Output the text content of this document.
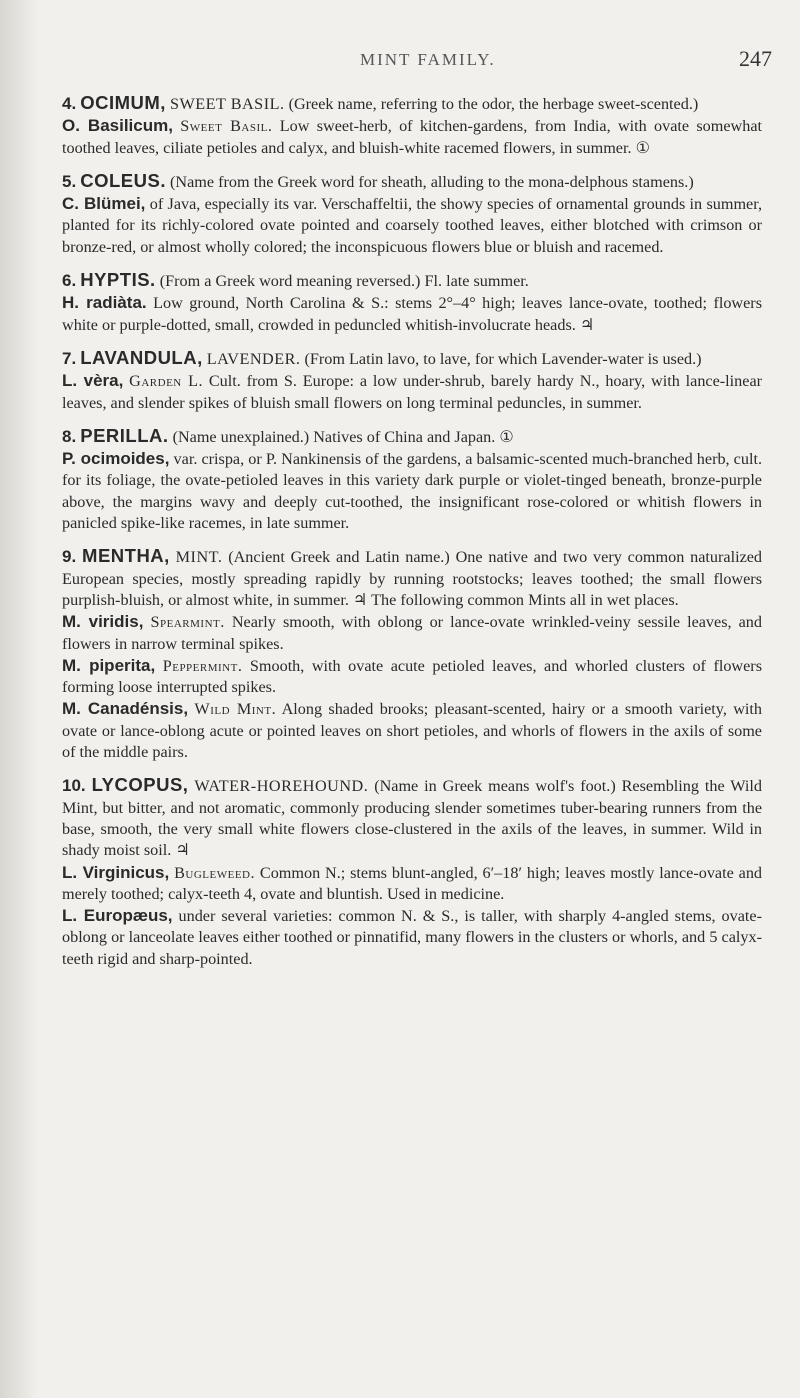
MINT FAMILY.	247

4. OCIMUM, SWEET BASIL. (Greek name, referring to the odor, the herbage sweet-scented.)

O. Basilicum, Sweet Basil. Low sweet-herb, of kitchen-gardens, from India, with ovate somewhat toothed leaves, ciliate petioles and calyx, and bluish-white racemed flowers, in summer. ①

5. COLEUS. (Name from the Greek word for sheath, alluding to the mona-delphous stamens.)

C. Blümei, of Java, especially its var. Verschaffeltii, the showy species of ornamental grounds in summer, planted for its richly-colored ovate pointed and coarsely toothed leaves, either blotched with crimson or bronze-red, or almost wholly colored; the inconspicuous flowers blue or bluish and racemed.

6. HYPTIS. (From a Greek word meaning reversed.) Fl. late summer.

H. radiàta. Low ground, North Carolina & S.: stems 2°–4° high; leaves lance-ovate, toothed; flowers white or purple-dotted, small, crowded in peduncled whitish-involucrate heads. ♃

7. LAVANDULA, LAVENDER. (From Latin lavo, to lave, for which Lavender-water is used.)

L. vèra, Garden L. Cult. from S. Europe: a low under-shrub, barely hardy N., hoary, with lance-linear leaves, and slender spikes of bluish small flowers on long terminal peduncles, in summer.

8. PERILLA. (Name unexplained.) Natives of China and Japan. ①

P. ocimoides, var. crispa, or P. Nankinensis of the gardens, a balsamic-scented much-branched herb, cult. for its foliage, the ovate-petioled leaves in this variety dark purple or violet-tinged beneath, bronze-purple above, the margins wavy and deeply cut-toothed, the insignificant rose-colored or whitish flowers in panicled spike-like racemes, in late summer.

9. MENTHA, MINT. (Ancient Greek and Latin name.) One native and two very common naturalized European species, mostly spreading rapidly by running rootstocks; leaves toothed; the small flowers purplish-bluish, or almost white, in summer. ♃ The following common Mints all in wet places.

M. viridis, Spearmint. Nearly smooth, with oblong or lance-ovate wrinkled-veiny sessile leaves, and flowers in narrow terminal spikes.

M. piperita, Peppermint. Smooth, with ovate acute petioled leaves, and whorled clusters of flowers forming loose interrupted spikes.

M. Canadénsis, Wild Mint. Along shaded brooks; pleasant-scented, hairy or a smooth variety, with ovate or lance-oblong acute or pointed leaves on short petioles, and whorls of flowers in the axils of some of the middle pairs.

10. LYCOPUS, WATER-HOREHOUND. (Name in Greek means wolf's foot.) Resembling the Wild Mint, but bitter, and not aromatic, commonly producing slender sometimes tuber-bearing runners from the base, smooth, the very small white flowers close-clustered in the axils of the leaves, in summer. Wild in shady moist soil. ♃

L. Virginicus, Bugleweed. Common N.; stems blunt-angled, 6′–18′ high; leaves mostly lance-ovate and merely toothed; calyx-teeth 4, ovate and bluntish. Used in medicine.

L. Europæus, under several varieties: common N. & S., is taller, with sharply 4-angled stems, ovate-oblong or lanceolate leaves either toothed or pinnatifid, many flowers in the clusters or whorls, and 5 calyx-teeth rigid and sharp-pointed.
